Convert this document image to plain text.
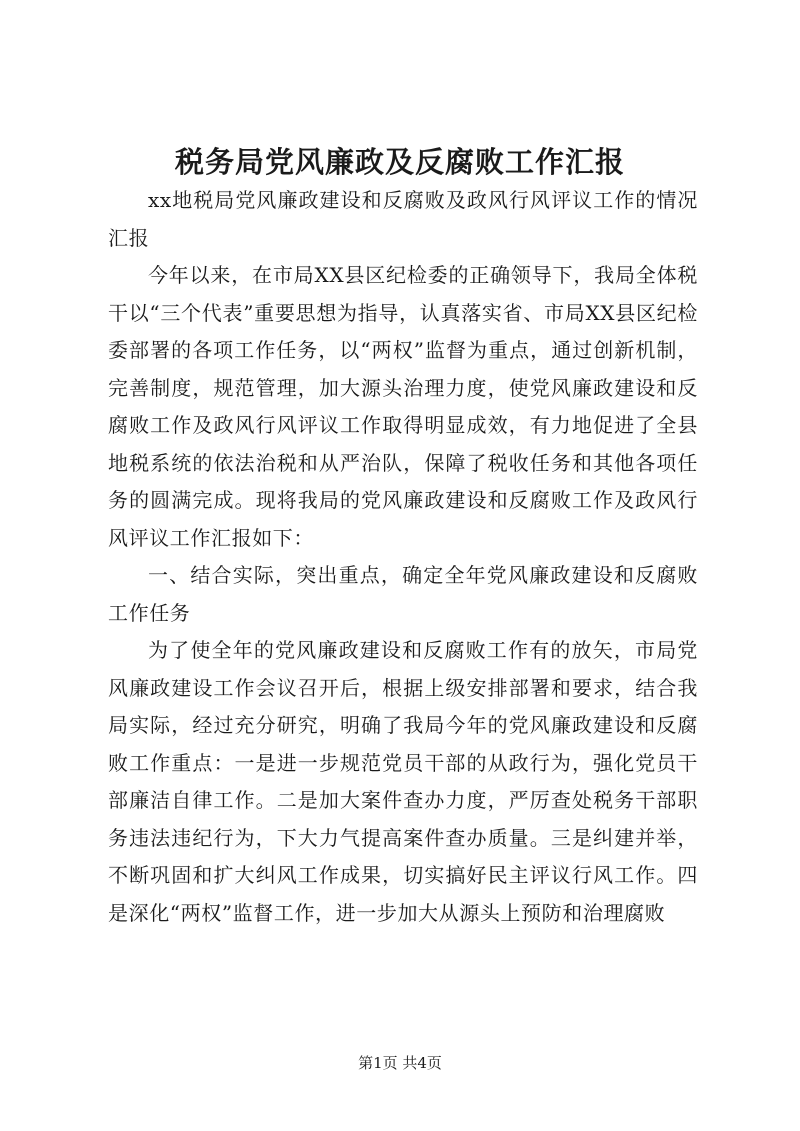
税务局党风廉政及反腐败工作汇报

xx地税局党风廉政建设和反腐败及政风行风评议工作的情况汇报

今年以来，在市局XX县区纪检委的正确领导下，我局全体税干以“三个代表”重要思想为指导，认真落实省、市局XX县区纪检委部署的各项工作任务，以“两权”监督为重点，通过创新机制，完善制度，规范管理，加大源头治理力度，使党风廉政建设和反腐败工作及政风行风评议工作取得明显成效，有力地促进了全县地税系统的依法治税和从严治队，保障了税收任务和其他各项任务的圆满完成。现将我局的党风廉政建设和反腐败工作及政风行风评议工作汇报如下：

一、结合实际，突出重点，确定全年党风廉政建设和反腐败工作任务

为了使全年的党风廉政建设和反腐败工作有的放矢，市局党风廉政建设工作会议召开后，根据上级安排部署和要求，结合我局实际，经过充分研究，明确了我局今年的党风廉政建设和反腐败工作重点：一是进一步规范党员干部的从政行为，强化党员干部廉洁自律工作。二是加大案件查办力度，严厉查处税务干部职务违法违纪行为，下大力气提高案件查办质量。三是纠建并举，不断巩固和扩大纠风工作成果，切实搞好民主评议行风工作。四是深化“两权”监督工作，进一步加大从源头上预防和治理腐败

第1页 共4页
